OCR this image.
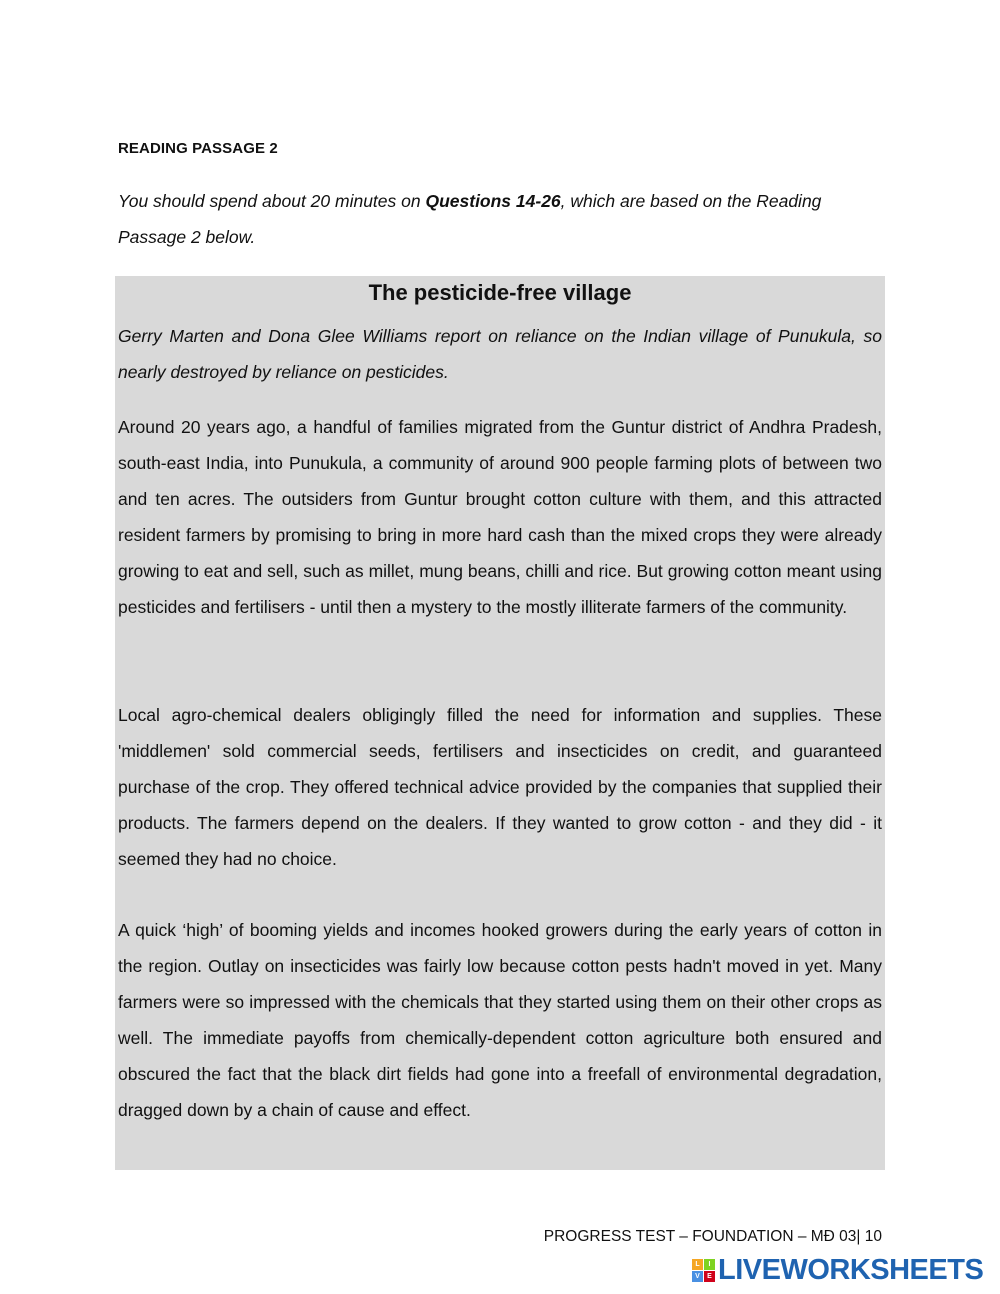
READING PASSAGE 2
You should spend about 20 minutes on Questions 14-26, which are based on the Reading Passage 2 below.
The pesticide-free village
Gerry Marten and Dona Glee Williams report on reliance on the Indian village of Punukula, so nearly destroyed by reliance on pesticides.
Around 20 years ago, a handful of families migrated from the Guntur district of Andhra Pradesh, south-east India, into Punukula, a community of around 900 people farming plots of between two and ten acres. The outsiders from Guntur brought cotton culture with them, and this attracted resident farmers by promising to bring in more hard cash than the mixed crops they were already growing to eat and sell, such as millet, mung beans, chilli and rice. But growing cotton meant using pesticides and fertilisers - until then a mystery to the mostly illiterate farmers of the community.
Local agro-chemical dealers obligingly filled the need for information and supplies. These 'middlemen' sold commercial seeds, fertilisers and insecticides on credit, and guaranteed purchase of the crop. They offered technical advice provided by the companies that supplied their products. The farmers depend on the dealers. If they wanted to grow cotton - and they did - it seemed they had no choice.
A quick ‘high’ of booming yields and incomes hooked growers during the early years of cotton in the region. Outlay on insecticides was fairly low because cotton pests hadn't moved in yet. Many farmers were so impressed with the chemicals that they started using them on their other crops as well. The immediate payoffs from chemically-dependent cotton agriculture both ensured and obscured the fact that the black dirt fields had gone into a freefall of environmental degradation, dragged down by a chain of cause and effect.
PROGRESS TEST – FOUNDATION – MĐ 03| 10
L	I
V	E LIVEWORKSHEETS
